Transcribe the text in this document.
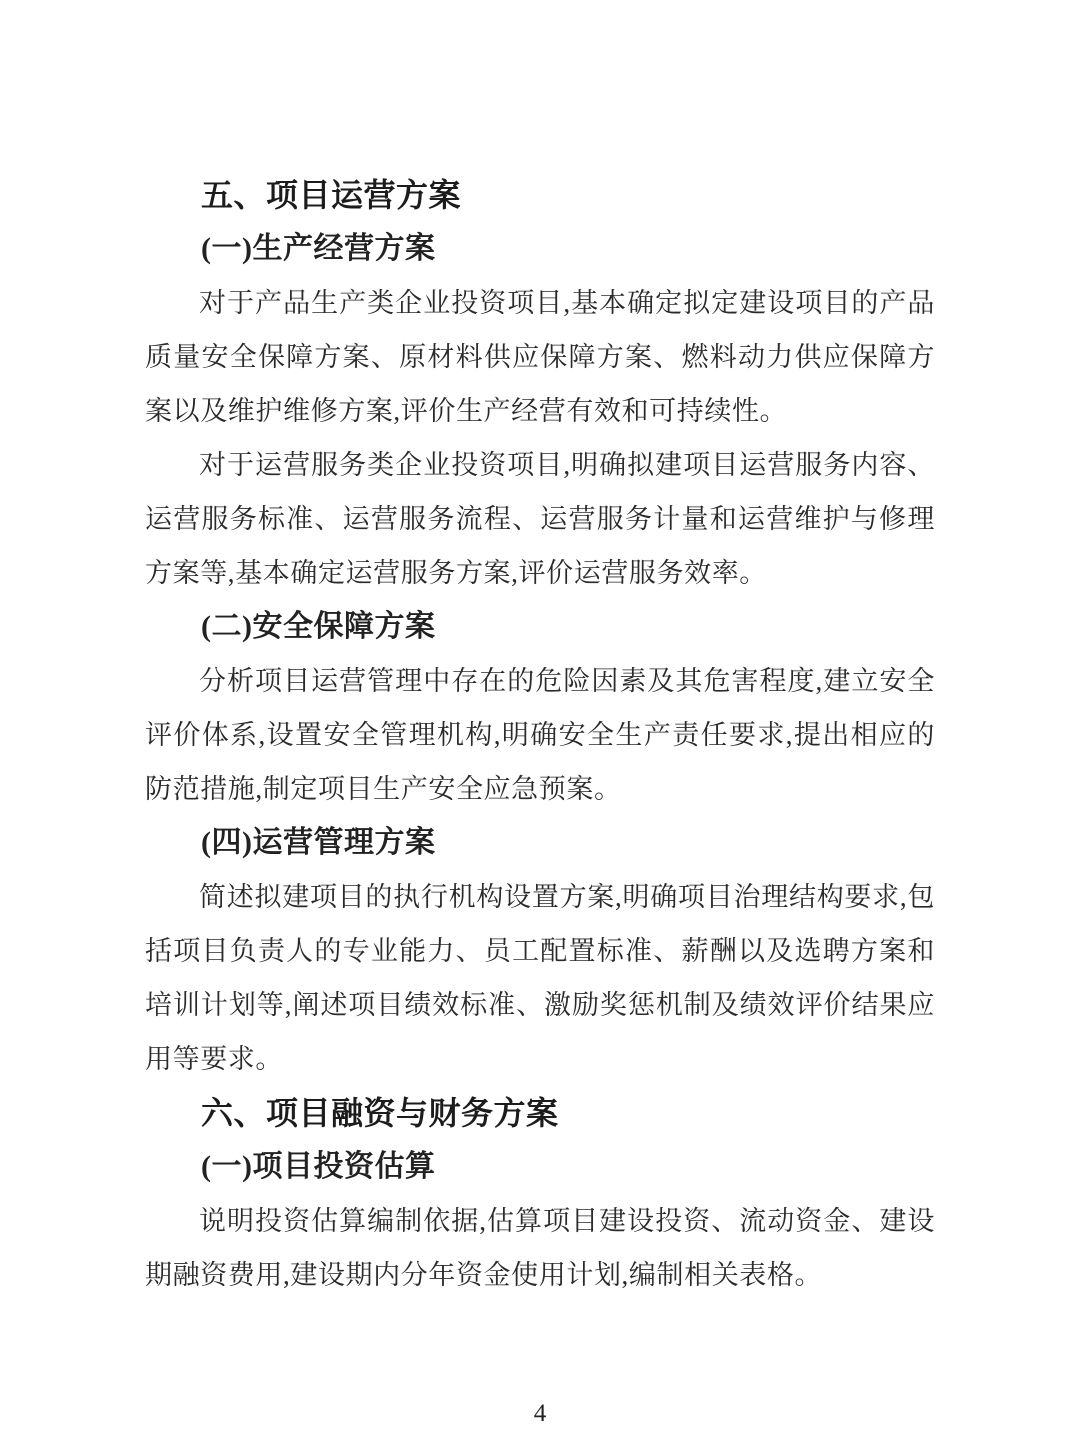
五、项目运营方案
(一)生产经营方案
对于产品生产类企业投资项目,基本确定拟定建设项目的产品质量安全保障方案、原材料供应保障方案、燃料动力供应保障方案以及维护维修方案,评价生产经营有效和可持续性。
对于运营服务类企业投资项目,明确拟建项目运营服务内容、运营服务标准、运营服务流程、运营服务计量和运营维护与修理方案等,基本确定运营服务方案,评价运营服务效率。
(二)安全保障方案
分析项目运营管理中存在的危险因素及其危害程度,建立安全评价体系,设置安全管理机构,明确安全生产责任要求,提出相应的防范措施,制定项目生产安全应急预案。
(四)运营管理方案
简述拟建项目的执行机构设置方案,明确项目治理结构要求,包括项目负责人的专业能力、员工配置标准、薪酬以及选聘方案和培训计划等,阐述项目绩效标准、激励奖惩机制及绩效评价结果应用等要求。
六、项目融资与财务方案
(一)项目投资估算
说明投资估算编制依据,估算项目建设投资、流动资金、建设期融资费用,建设期内分年资金使用计划,编制相关表格。
4
